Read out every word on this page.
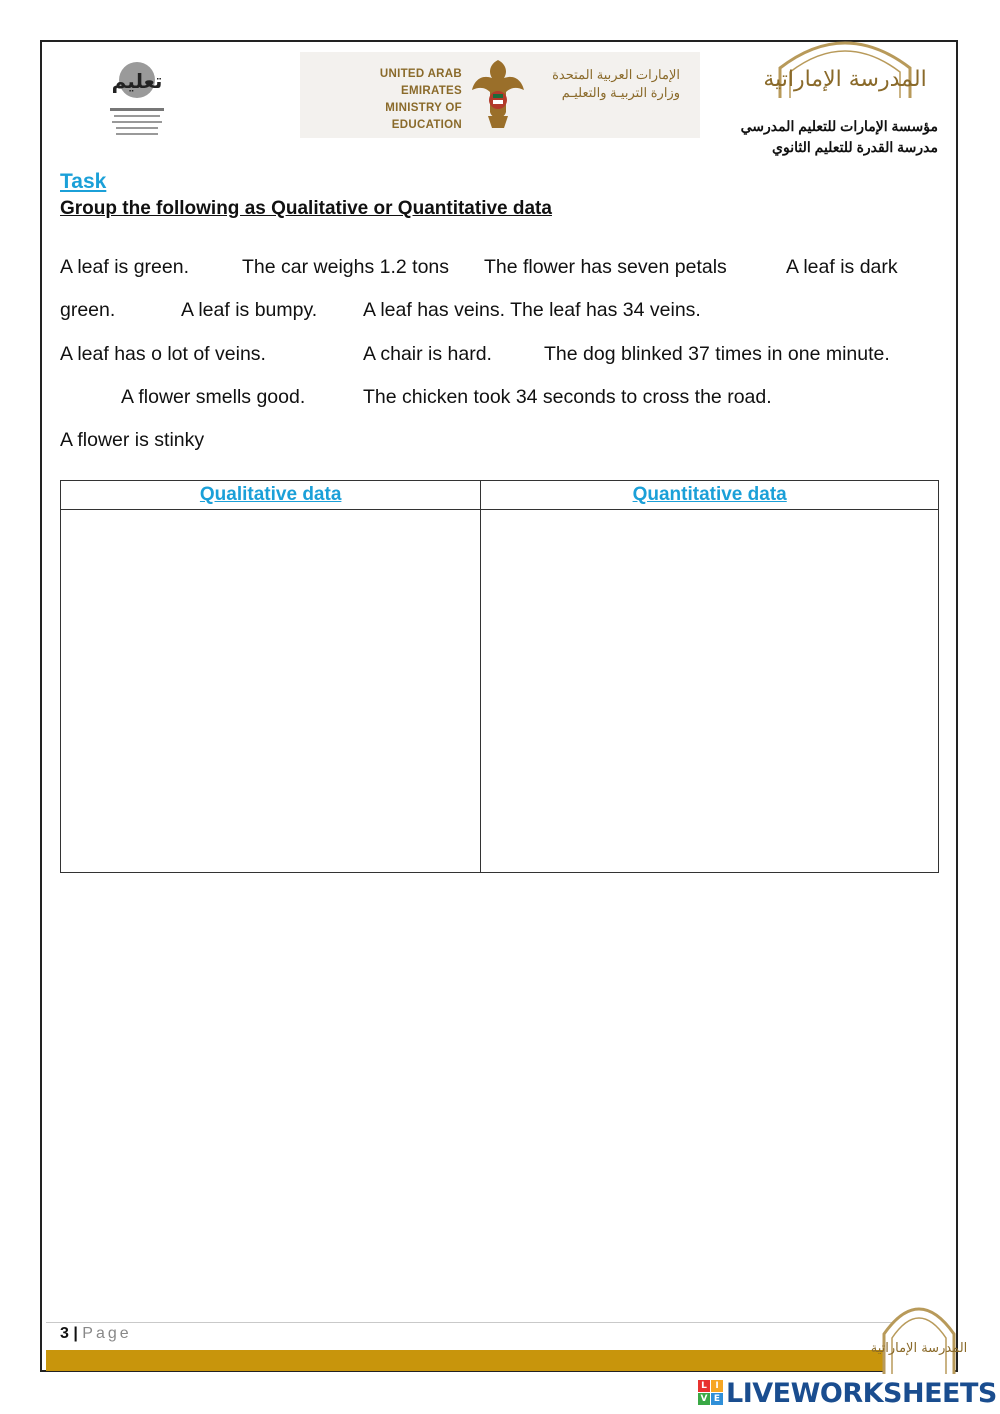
تعليم	UNITED ARAB EMIRATES
MINISTRY OF EDUCATION
الإمارات العربية المتحدة
وزارة التربيـة والتعليـم
المدرسة الإماراتية
مؤسسة الإمارات للتعليم المدرسي
مدرسة القدرة للتعليم الثانوي
Task
Group the following as Qualitative or Quantitative data
A leaf is green.	The car weighs 1.2 tons The flower has seven petals	A leaf is dark
green.	A leaf is bumpy. A leaf has veins. The leaf has 34 veins.
A leaf has o lot of veins.	A chair is hard.	The dog blinked 37 times in one minute.
A flower smells good.	The chicken took 34 seconds to cross the road.
A flower is stinky
Qualitative data	Quantitative data

3 | Page
المدرسة الإماراتية
L I
V E LIVEWORKSHEETS
